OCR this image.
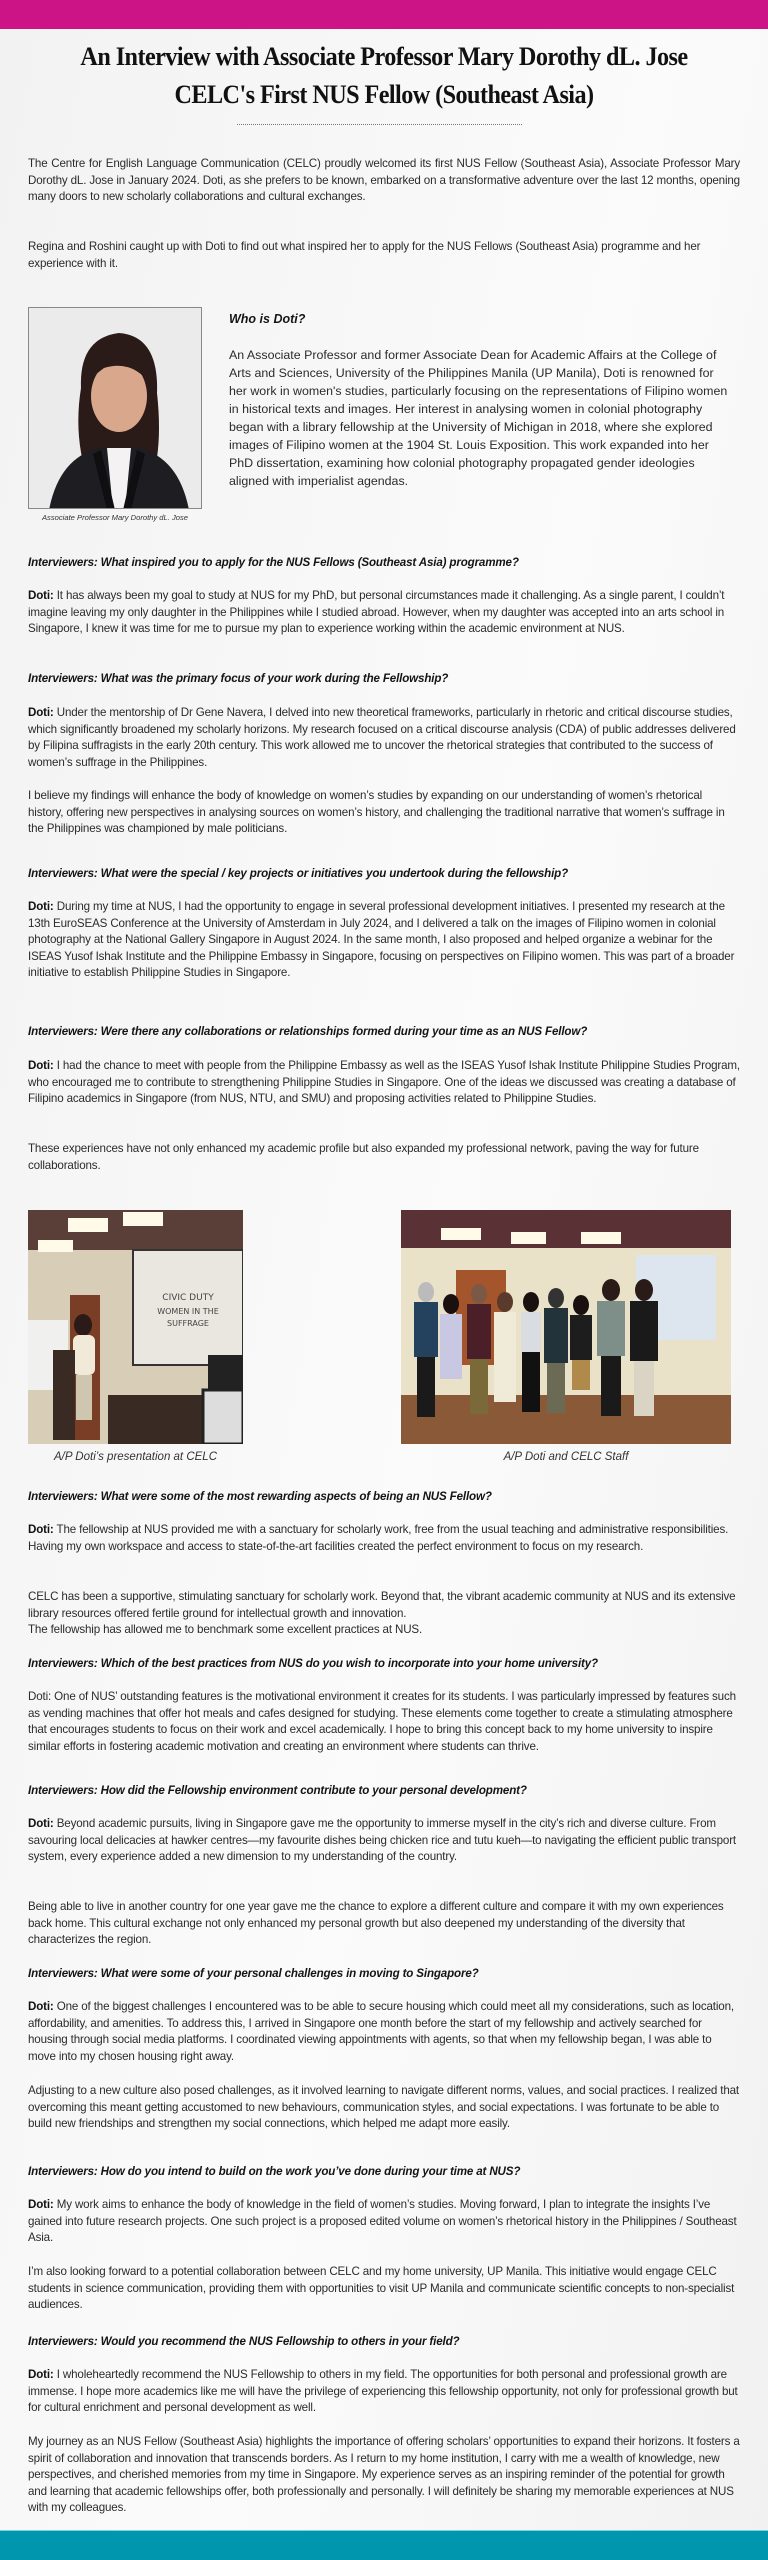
An Interview with Associate Professor Mary Dorothy dL. Jose
CELC's First NUS Fellow (Southeast Asia)

The Centre for English Language Communication (CELC) proudly welcomed its first NUS Fellow (Southeast Asia), Associate Professor Mary Dorothy dL. Jose in January 2024. Doti, as she prefers to be known, embarked on a transformative adventure over the last 12 months, opening many doors to new scholarly collaborations and cultural exchanges.

Regina and Roshini caught up with Doti to find out what inspired her to apply for the NUS Fellows (Southeast Asia) programme and her experience with it.

Associate Professor Mary Dorothy dL. Jose
Who is Doti?

An Associate Professor and former Associate Dean for Academic Affairs at the College of Arts and Sciences, University of the Philippines Manila (UP Manila), Doti is renowned for her work in women's studies, particularly focusing on the representations of Filipino women in historical texts and images. Her interest in analysing women in colonial photography began with a library fellowship at the University of Michigan in 2018, where she explored images of Filipino women at the 1904 St. Louis Exposition. This work expanded into her PhD dissertation, examining how colonial photography propagated gender ideologies aligned with imperialist agendas.

Interviewers: What inspired you to apply for the NUS Fellows (Southeast Asia) programme?

Doti: It has always been my goal to study at NUS for my PhD, but personal circumstances made it challenging. As a single parent, I couldn’t imagine leaving my only daughter in the Philippines while I studied abroad. However, when my daughter was accepted into an arts school in Singapore, I knew it was time for me to pursue my plan to experience working within the academic environment at NUS.

Interviewers: What was the primary focus of your work during the Fellowship?

Doti: Under the mentorship of Dr Gene Navera, I delved into new theoretical frameworks, particularly in rhetoric and critical discourse studies, which significantly broadened my scholarly horizons. My research focused on a critical discourse analysis (CDA) of public addresses delivered by Filipina suffragists in the early 20th century. This work allowed me to uncover the rhetorical strategies that contributed to the success of women’s suffrage in the Philippines.

I believe my findings will enhance the body of knowledge on women’s studies by expanding on our understanding of women’s rhetorical history, offering new perspectives in analysing sources on women’s history, and challenging the traditional narrative that women’s suffrage in the Philippines was championed by male politicians.

Interviewers: What were the special / key projects or initiatives you undertook during the fellowship?

Doti: During my time at NUS, I had the opportunity to engage in several professional development initiatives. I presented my research at the 13th EuroSEAS Conference at the University of Amsterdam in July 2024, and I delivered a talk on the images of Filipino women in colonial photography at the National Gallery Singapore in August 2024. In the same month, I also proposed and helped organize a webinar for the ISEAS Yusof Ishak Institute and the Philippine Embassy in Singapore, focusing on perspectives on Filipino women. This was part of a broader initiative to establish Philippine Studies in Singapore.

Interviewers: Were there any collaborations or relationships formed during your time as an NUS Fellow?

Doti: I had the chance to meet with people from the Philippine Embassy as well as the ISEAS Yusof Ishak Institute Philippine Studies Program, who encouraged me to contribute to strengthening Philippine Studies in Singapore. One of the ideas we discussed was creating a database of Filipino academics in Singapore (from NUS, NTU, and SMU) and proposing activities related to Philippine Studies.

These experiences have not only enhanced my academic profile but also expanded my professional network, paving the way for future collaborations.

CIVIC DUTY
WOMEN IN THE
SUFFRAGE
A/P Doti’s presentation at CELC	A/P Doti and CELC Staff

Interviewers: What were some of the most rewarding aspects of being an NUS Fellow?

Doti: The fellowship at NUS provided me with a sanctuary for scholarly work, free from the usual teaching and administrative responsibilities. Having my own workspace and access to state-of-the-art facilities created the perfect environment to focus on my research.

CELC has been a supportive, stimulating sanctuary for scholarly work. Beyond that, the vibrant academic community at NUS and its extensive library resources offered fertile ground for intellectual growth and innovation.

The fellowship has allowed me to benchmark some excellent practices at NUS.

Interviewers: Which of the best practices from NUS do you wish to incorporate into your home university?

Doti: One of NUS’ outstanding features is the motivational environment it creates for its students. I was particularly impressed by features such as vending machines that offer hot meals and cafes designed for studying. These elements come together to create a stimulating atmosphere that encourages students to focus on their work and excel academically. I hope to bring this concept back to my home university to inspire similar efforts in fostering academic motivation and creating an environment where students can thrive.

Interviewers: How did the Fellowship environment contribute to your personal development?

Doti: Beyond academic pursuits, living in Singapore gave me the opportunity to immerse myself in the city’s rich and diverse culture. From savouring local delicacies at hawker centres—my favourite dishes being chicken rice and tutu kueh—to navigating the efficient public transport system, every experience added a new dimension to my understanding of the country.

Being able to live in another country for one year gave me the chance to explore a different culture and compare it with my own experiences back home. This cultural exchange not only enhanced my personal growth but also deepened my understanding of the diversity that characterizes the region.

Interviewers: What were some of your personal challenges in moving to Singapore?

Doti: One of the biggest challenges I encountered was to be able to secure housing which could meet all my considerations, such as location, affordability, and amenities. To address this, I arrived in Singapore one month before the start of my fellowship and actively searched for housing through social media platforms. I coordinated viewing appointments with agents, so that when my fellowship began, I was able to move into my chosen housing right away.

Adjusting to a new culture also posed challenges, as it involved learning to navigate different norms, values, and social practices. I realized that overcoming this meant getting accustomed to new behaviours, communication styles, and social expectations. I was fortunate to be able to build new friendships and strengthen my social connections, which helped me adapt more easily.

Interviewers: How do you intend to build on the work you’ve done during your time at NUS?

Doti: My work aims to enhance the body of knowledge in the field of women’s studies. Moving forward, I plan to integrate the insights I’ve gained into future research projects. One such project is a proposed edited volume on women’s rhetorical history in the Philippines / Southeast Asia.

I’m also looking forward to a potential collaboration between CELC and my home university, UP Manila. This initiative would engage CELC students in science communication, providing them with opportunities to visit UP Manila and communicate scientific concepts to non-specialist audiences.

Interviewers: Would you recommend the NUS Fellowship to others in your field?

Doti: I wholeheartedly recommend the NUS Fellowship to others in my field. The opportunities for both personal and professional growth are immense. I hope more academics like me will have the privilege of experiencing this fellowship opportunity, not only for professional growth but for cultural enrichment and personal development as well.

My journey as an NUS Fellow (Southeast Asia) highlights the importance of offering scholars’ opportunities to expand their horizons. It fosters a spirit of collaboration and innovation that transcends borders. As I return to my home institution, I carry with me a wealth of knowledge, new perspectives, and cherished memories from my time in Singapore. My experience serves as an inspiring reminder of the potential for growth and learning that academic fellowships offer, both professionally and personally. I will definitely be sharing my memorable experiences at NUS with my colleagues.
